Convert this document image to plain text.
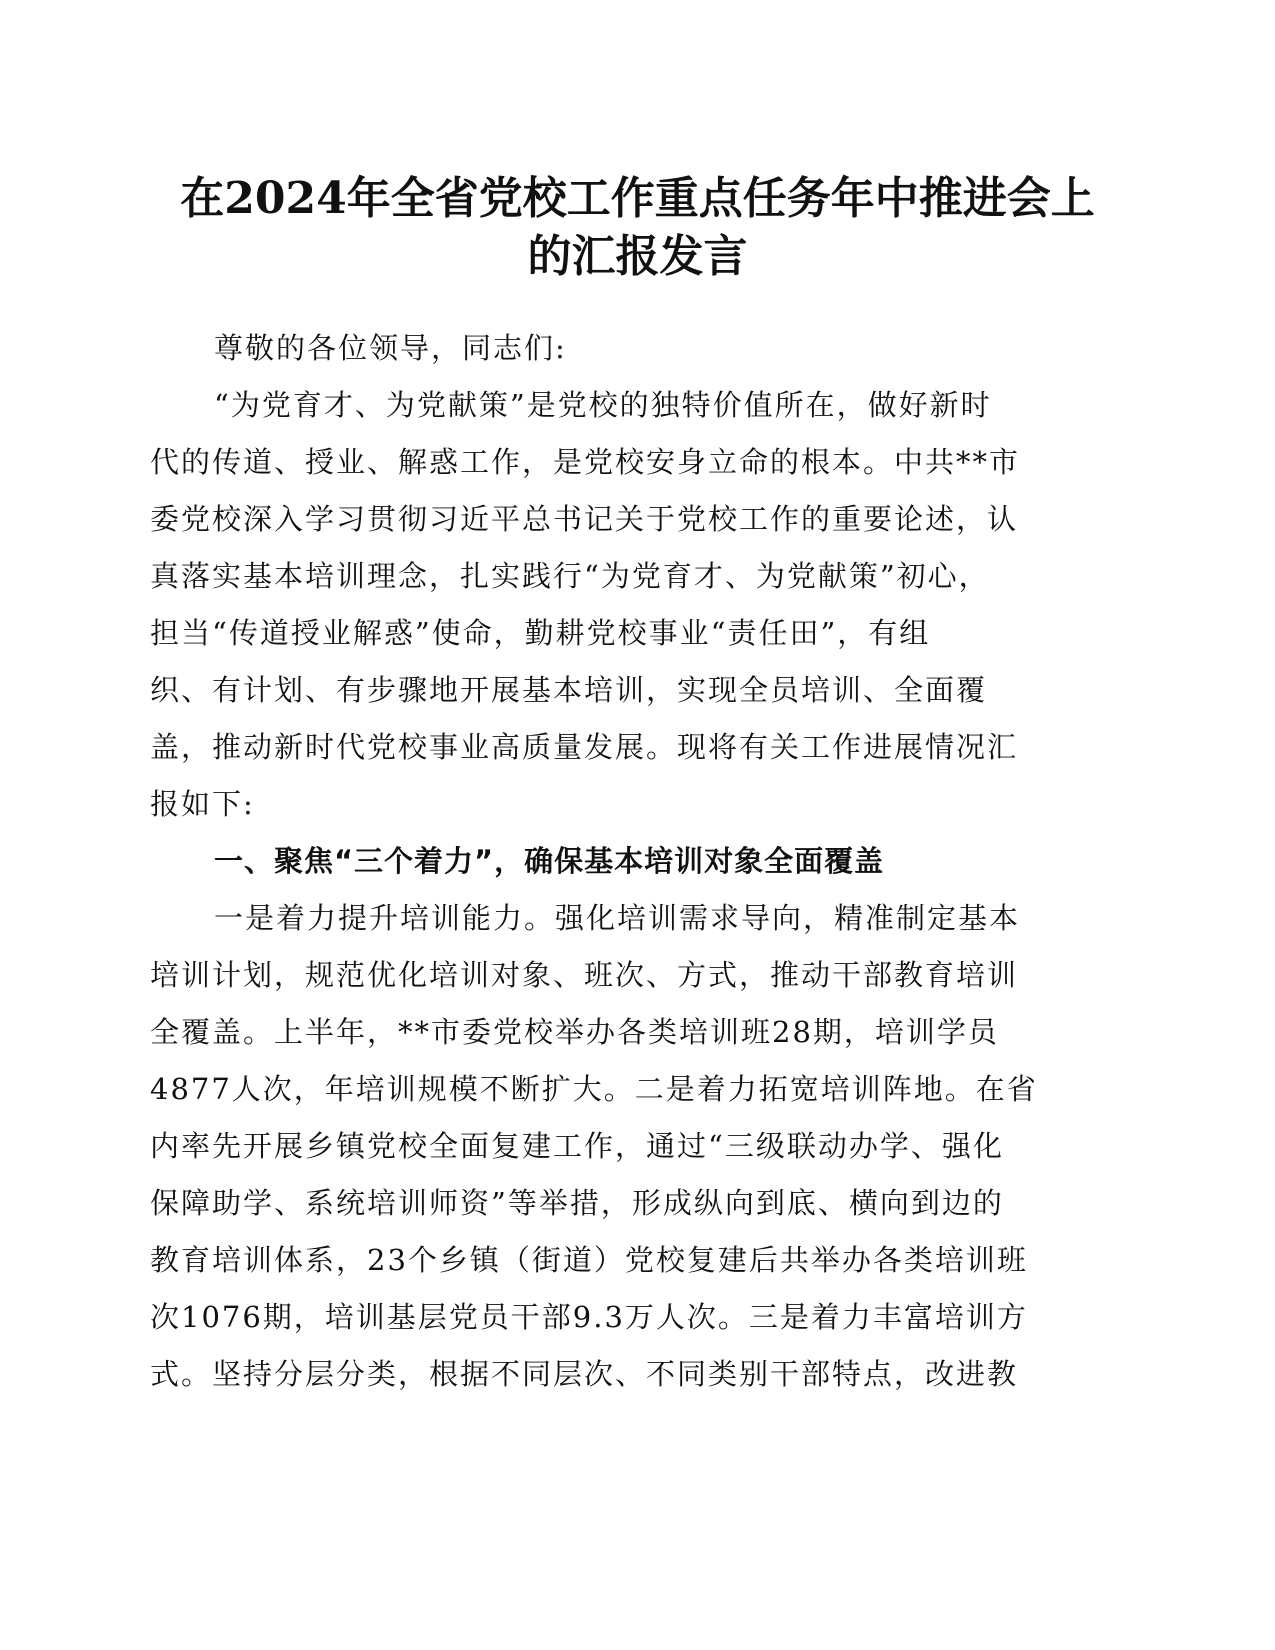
在2024年全省党校工作重点任务年中推进会上
的汇报发言
尊敬的各位领导，同志们:
“为党育才、为党献策”是党校的独特价值所在，做好新时
代的传道、授业、解惑工作，是党校安身立命的根本。中共**市
委党校深入学习贯彻习近平总书记关于党校工作的重要论述，认
真落实基本培训理念，扎实践行“为党育才、为党献策”初心，
担当“传道授业解惑”使命，勤耕党校事业“责任田”，有组
织、有计划、有步骤地开展基本培训，实现全员培训、全面覆
盖，推动新时代党校事业高质量发展。现将有关工作进展情况汇
报如下:
一、聚焦“三个着力”，确保基本培训对象全面覆盖
一是着力提升培训能力。强化培训需求导向，精准制定基本
培训计划，规范优化培训对象、班次、方式，推动干部教育培训
全覆盖。上半年，**市委党校举办各类培训班28期，培训学员
4877人次，年培训规模不断扩大。二是着力拓宽培训阵地。在省
内率先开展乡镇党校全面复建工作，通过“三级联动办学、强化
保障助学、系统培训师资”等举措，形成纵向到底、横向到边的
教育培训体系，23个乡镇（街道）党校复建后共举办各类培训班
次1076期，培训基层党员干部9.3万人次。三是着力丰富培训方
式。坚持分层分类，根据不同层次、不同类别干部特点，改进教
